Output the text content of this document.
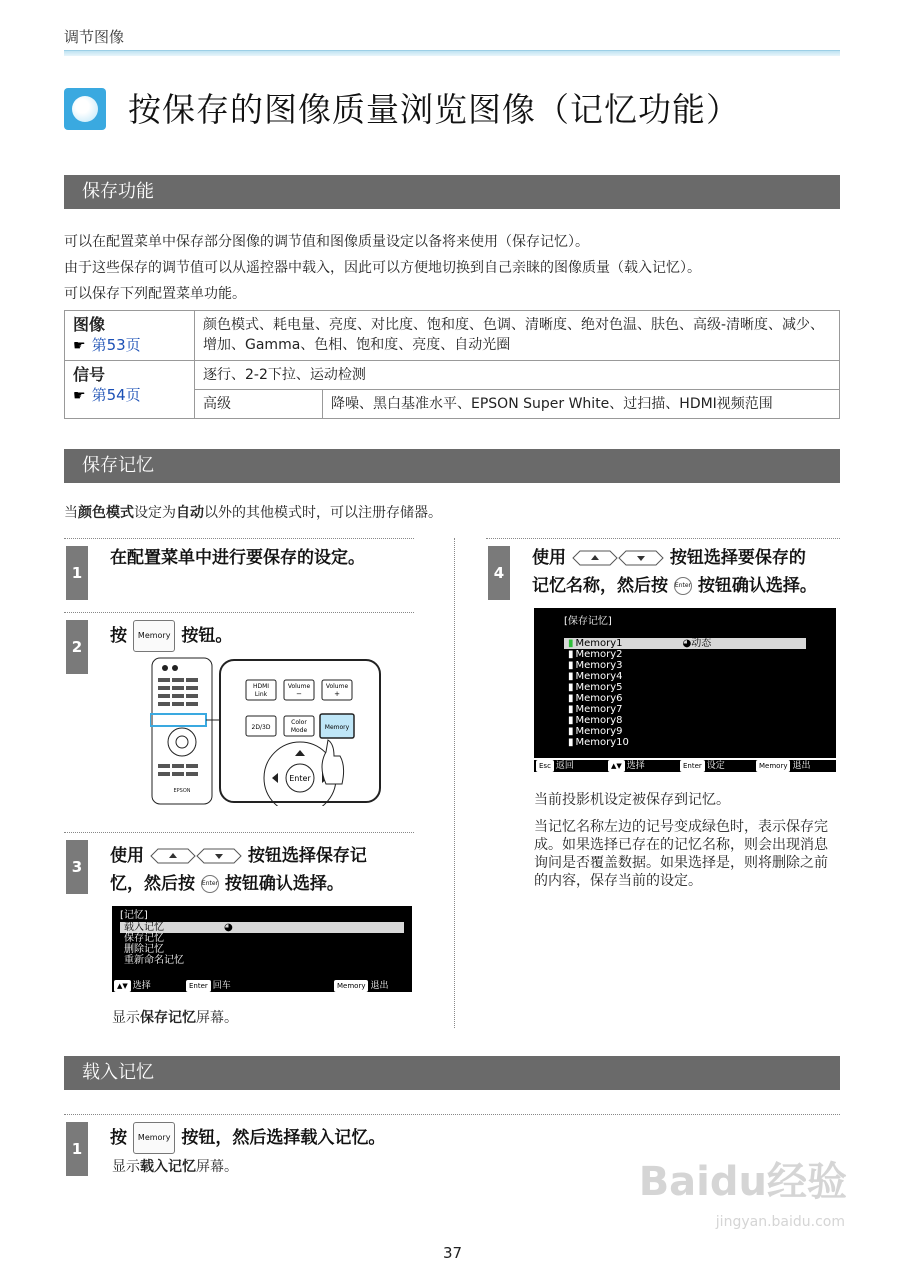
调节图像
按保存的图像质量浏览图像（记忆功能）
保存功能
可以在配置菜单中保存部分图像的调节值和图像质量设定以备将来使用（保存记忆）。
由于这些保存的调节值可以从遥控器中载入，因此可以方便地切换到自己亲睐的图像质量（载入记忆）。
可以保存下列配置菜单功能。
图像
☛ 第53页	颜色模式、耗电量、亮度、对比度、饱和度、色调、清晰度、绝对色温、肤色、高级-清晰度、减少、增加、Gamma、色相、饱和度、亮度、自动光圈	

信号
☛ 第54页	逐行、2-2下拉、运动检测	
	高级	降噪、黑白基准水平、EPSON Super White、过扫描、HDMI视频范围
保存记忆
当颜色模式设定为自动以外的其他模式时，可以注册存储器。
1
在配置菜单中进行要保存的设定。
2
按 Memory 按钮。
EPSON
HDMI
Link
Volume
−
Volume
+
2D/3D
Color
Mode	Memory
Enter
3
使用	按钮选择保存记
忆，然后按 Enter 按钮确认选择。
[记忆]
载入记忆	◕
保存记忆
删除记忆
重新命名记忆
▲▼ 选择	Enter 回车	Memory 退出
显示保存记忆屏幕。
4
使用	按钮选择要保存的
记忆名称，然后按 Enter 按钮确认选择。
[保存记忆]
▮ Memory1	◕动态
▮ Memory2
▮ Memory3
▮ Memory4
▮ Memory5
▮ Memory6
▮ Memory7
▮ Memory8
▮ Memory9
▮ Memory10
Esc 返回	▲▼ 选择	Enter 设定	Memory 退出
当前投影机设定被保存到记忆。
当记忆名称左边的记号变成绿色时，表示保存完成。如果选择已存在的记忆名称，则会出现消息询问是否覆盖数据。如果选择是，则将删除之前的内容，保存当前的设定。
载入记忆
1
按 Memory 按钮，然后选择载入记忆。
显示载入记忆屏幕。	Baidu经验
jingyan.baidu.com
37
